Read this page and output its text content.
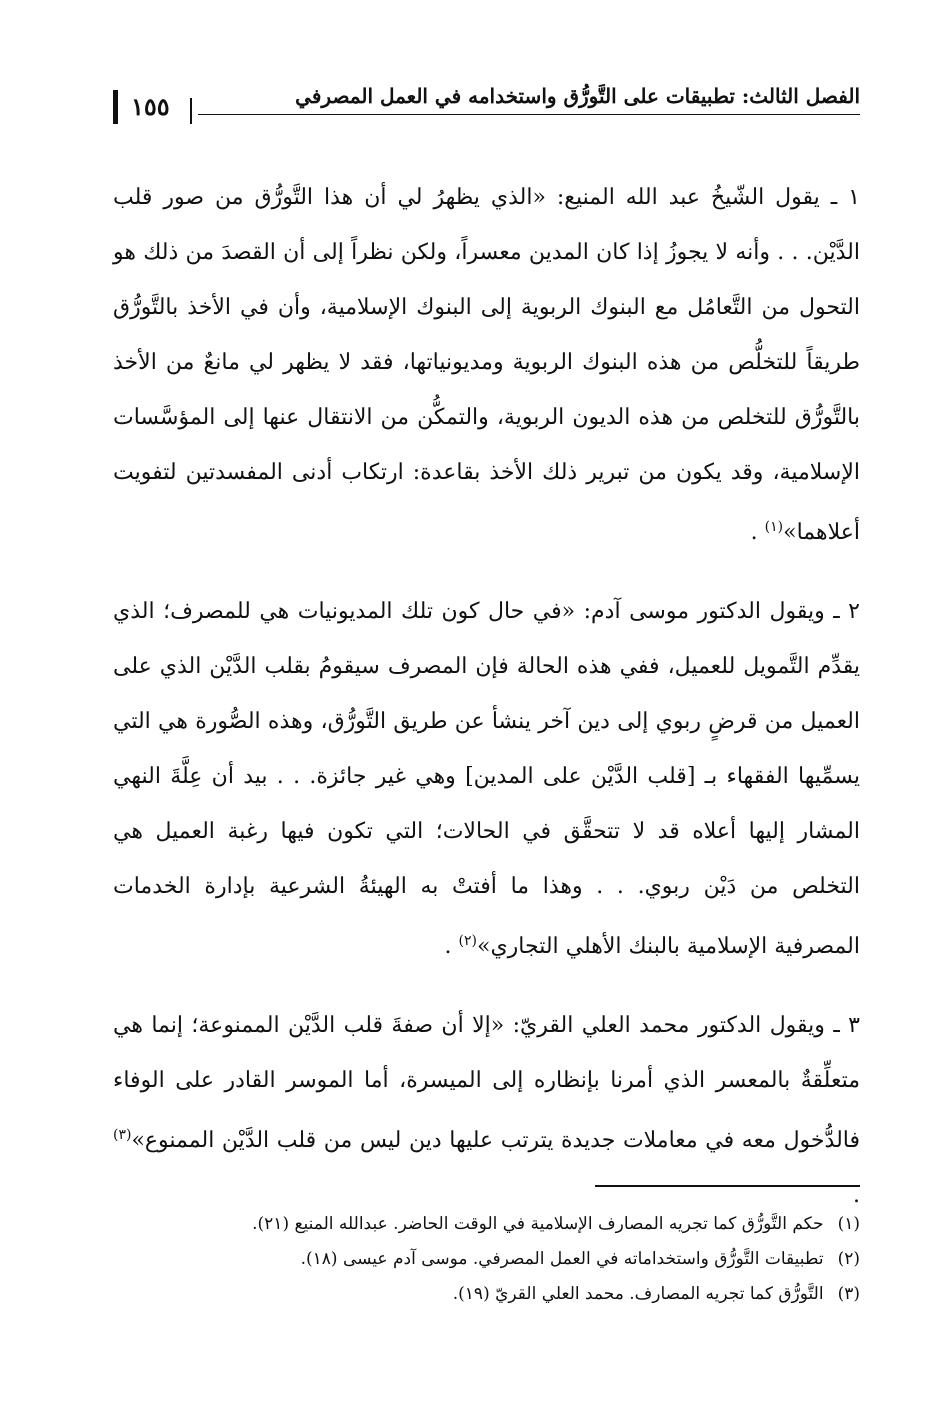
الفصل الثالث: تطبيقات على التَّورُّق واستخدامه في العمل المصرفي
١٥٥

١ ـ يقول الشّيخُ عبد الله المنيع: «الذي يظهرُ لي أن هذا التَّورُّق من صور قلب الدَّيْن. . . وأنه لا يجوزُ إذا كان المدين معسراً، ولكن نظراً إلى أن القصدَ من ذلك هو التحول من التَّعامُل مع البنوك الربوية إلى البنوك الإسلامية، وأن في الأخذ بالتَّورُّق طريقاً للتخلُّص من هذه البنوك الربوية ومديونياتها، فقد لا يظهر لي مانعٌ من الأخذ بالتَّورُّق للتخلص من هذه الديون الربوية، والتمكُّن من الانتقال عنها إلى المؤسَّسات الإسلامية، وقد يكون من تبرير ذلك الأخذ بقاعدة: ارتكاب أدنى المفسدتين لتفويت أعلاهما»$^{(١)}$ .

٢ ـ ويقول الدكتور موسى آدم: «في حال كون تلك المديونيات هي للمصرف؛ الذي يقدِّم التَّمويل للعميل، ففي هذه الحالة فإن المصرف سيقومُ بقلب الدَّيْن الذي على العميل من قرضٍ ربوي إلى دين آخر ينشأ عن طريق التَّورُّق، وهذه الصُّورة هي التي يسمِّيها الفقهاء بـ [قلب الدَّيْن على المدين] وهي غير جائزة. . . بيد أن عِلَّةَ النهي المشار إليها أعلاه قد لا تتحقَّق في الحالات؛ التي تكون فيها رغبة العميل هي التخلص من دَيْن ربوي. . . وهذا ما أفتتْ به الهيئةُ الشرعية بإدارة الخدمات المصرفية الإسلامية بالبنك الأهلي التجاري»$^{(٢)}$ .

٣ ـ ويقول الدكتور محمد العلي القريّ: «إلا أن صفةَ قلب الدَّيْن الممنوعة؛ إنما هي متعلِّقةٌ بالمعسر الذي أمرنا بإنظاره إلى الميسرة، أما الموسر القادر على الوفاء فالدُّخول معه في معاملات جديدة يترتب عليها دين ليس من قلب الدَّيْن الممنوع»$^{(٣)}$ .

(١)حكم التَّورُّق كما تجريه المصارف الإسلامية في الوقت الحاضر. عبدالله المنيع (٢١).

(٢)تطبيقات التَّورُّق واستخداماته في العمل المصرفي. موسى آدم عيسى (١٨).

(٣)التَّورُّق كما تجريه المصارف. محمد العلي القريّ (١٩).
